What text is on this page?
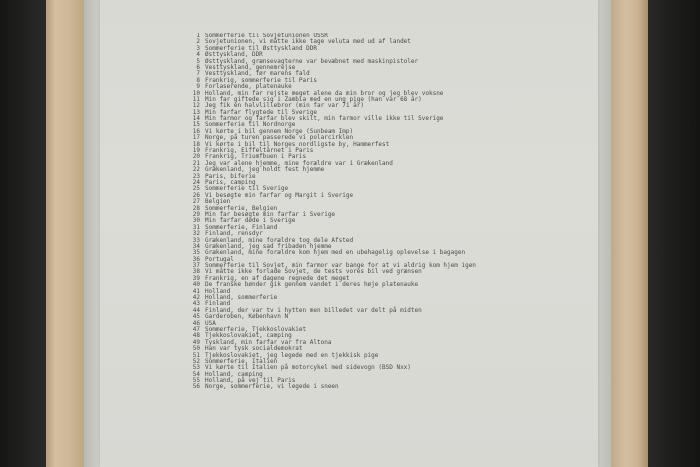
1 Sommerferie til Sovjetunionen USSR
2 Sovjetunionen, vi måtte ikke tage veluta med ud af landet
3 Sommerferie til Østtyskland DDR
4 Østtyskland, DDR
5 Østtyskland, grænsevagterne var bevæbnet med maskinpistoler
6 Vesttyskland, gennemrejse
7 Vesttyskland, før marens fald
8 Frankrig, sommerferie til Paris
9 Forlaserende, platenauke
10 Holland, min far rejste meget alene da min bror og jeg blev voksne
11 Min far giftede sig i Zambia med en ung pige (han var 68 år)
12 Jeg fik en halvlillebror (min far var 71 år)
13 Min farfar flygtede til Sverige
14 Min farmor og farfar blev skilt, min farmor ville ikke til Sverige
15 Sommerferie til Nordnorge
16 Vi kørte i bil gennem Norge (Sunbeam Imp)
17 Norge, på turen passerede vi polarcirklen
18 Vi kørte i bil til Norges nordligste by, Hammerfest
19 Frankrig, Eiffeltårnet i Paris
20 Frankrig, Triumfbuen i Paris
21 Jeg var alene hjemme, mine forældre var i Grækenland
22 Grækenland, jeg holdt fest hjemme
23 Paris, biferie
24 Paris, camping
25 Sommerferie til Sverige
26 Vi besøgte min farfar og Margit i Sverige
27 Belgien
28 Sommerferie, Belgien
29 Min far besøgte min farfar i Sverige
30 Min farfar døde i Sverige
31 Sommerferie, Finland
32 Finland, rensdyr
33 Grækenland, mine forældre tog dele Afsted
34 Grækenland, jeg sad fribaden hjemme
35 Grækenland, mine forældre kom hjem med en ubehagelig oplevelse i bagagen
36 Portugal
37 Sommerferie til Sovjet, min farmor var bange for at vi aldrig kom hjem igen
38 Vi måtte ikke forlade Sovjet, de tests vores bil ved grænsen
39 Frankrig, en af dagene regnede det meget
40 De franske bønder gik gennem vandet i deres høje platenauke
41 Holland
42 Holland, sommerferie
43 Finland
44 Finland, der var tv i hytten men billedet var delt på midten
45 Garderoben, København N
46 USA
47 Sommerferie, Tjekkoslovakiet
48 Tjekkoslovakiet, camping
49 Tyskland, min farfar var fra Altona
50 Han var tysk socialdemokrat
51 Tjekkoslovakiet, jeg legede med en tjekkisk pige
52 Sommerferie, Italien
53 Vi kørte til Italien på motorcykel med sidevogn (BSD Nxx)
54 Holland, camping
55 Holland, på vej til Paris
56 Norge, sommerferie, vi legede i sneen
